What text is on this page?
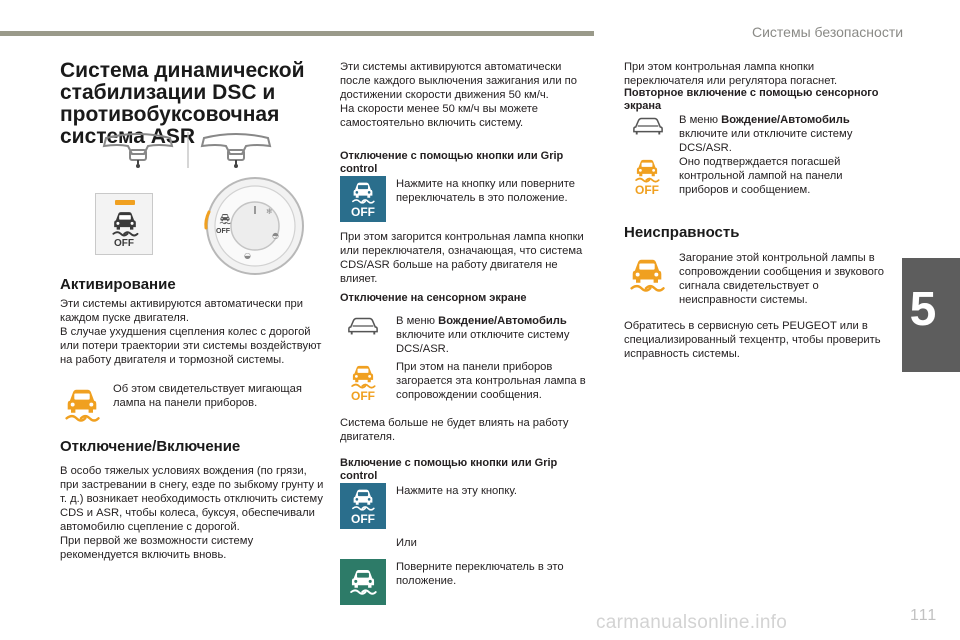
Системы безопасности
5
111
carmanualsonline.info
Система динамической стабилизации DSC и противобуксовочная система ASR
OFF
❄
◓
◒
OFF
Активирование
Эти системы активируются автоматически при каждом пуске двигателя.
В случае ухудшения сцепления колес с дорогой или потери траектории эти системы воздействуют на работу двигателя и тормозной системы.
Об этом свидетельствует мигающая лампа на панели приборов.
Отключение/Включение
В особо тяжелых условиях вождения (по грязи, при застревании в снегу, езде по зыбкому грунту и т. д.) возникает необходимость отключить систему CDS и ASR, чтобы колеса, буксуя, обеспечивали автомобилю сцепление с дорогой.
При первой же возможности систему рекомендуется включить вновь.
Эти системы активируются автоматически после каждого выключения зажигания или по достижении скорости движения 50 км/ч.
На скорости менее 50 км/ч вы можете самостоятельно включить систему.
Отключение с помощью кнопки или Grip control
OFF
Нажмите на кнопку или поверните переключатель в это положение.
При этом загорится контрольная лампа кнопки или переключателя, означающая, что система CDS/ASR больше на работу двигателя не влияет.
Отключение на сенсорном экране
В меню Вождение/Автомобиль включите или отключите систему DCS/ASR.
OFF
При этом на панели приборов загорается эта контрольная лампа в сопровождении сообщения.
Система больше не будет влиять на работу двигателя.
Включение с помощью кнопки или Grip control
OFF
Нажмите на эту кнопку.
Или
Поверните переключатель в это положение.
При этом контрольная лампа кнопки переключателя или регулятора погаснет.
Повторное включение с помощью сенсорного экрана
В меню Вождение/Автомобиль включите или отключите систему DCS/ASR.
OFF
Оно подтверждается погасшей контрольной лампой на панели приборов и сообщением.
Неисправность
Загорание этой контрольной лампы в сопровождении сообщения и звукового сигнала свидетельствует о неисправности системы.
Обратитесь в сервисную сеть PEUGEOT или в специализированный техцентр, чтобы проверить исправность системы.
